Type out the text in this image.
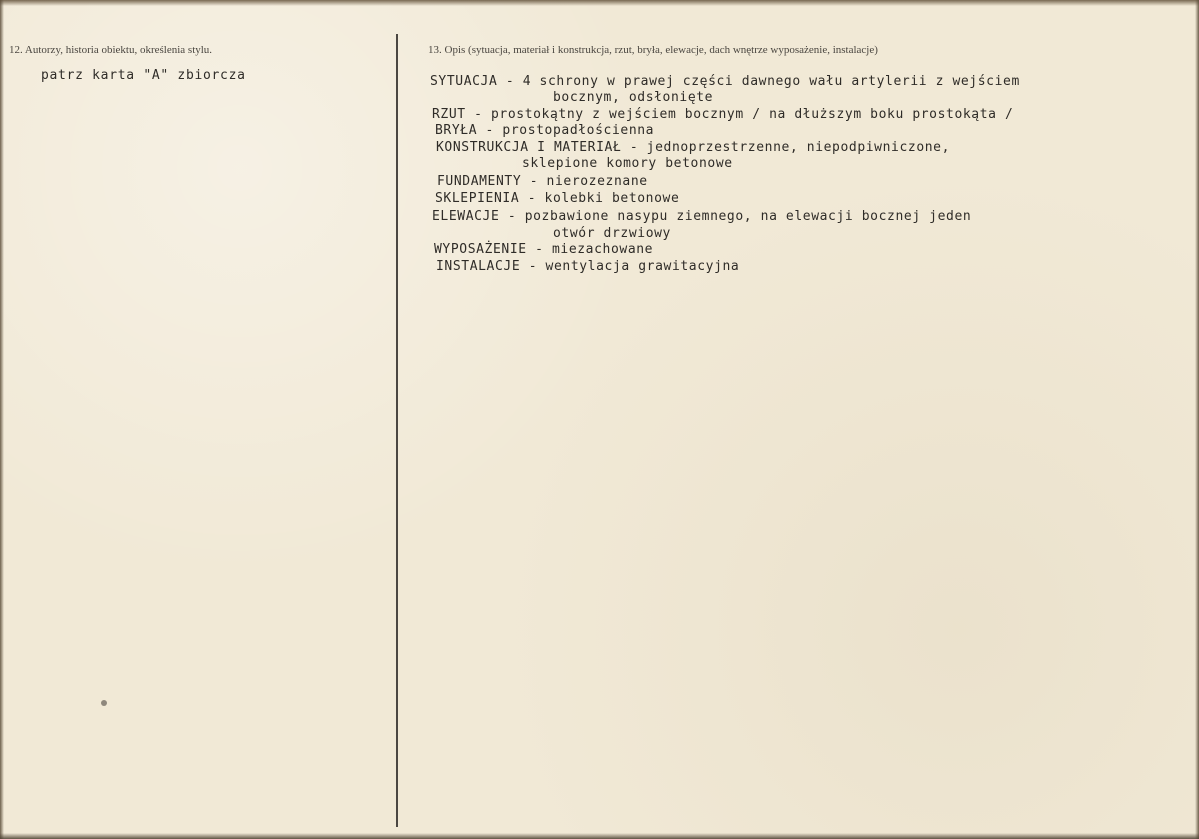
12. Autorzy, historia obiektu, określenia stylu.
patrz karta "A" zbiorcza
13. Opis (sytuacja, materiał i konstrukcja, rzut, bryła, elewacje, dach wnętrze wyposażenie, instalacje)
SYTUACJA - 4 schrony w prawej części dawnego wału artylerii z wejściem
bocznym, odsłonięte
RZUT - prostokątny z wejściem bocznym / na dłuższym boku prostokąta /
BRYŁA - prostopadłościenna
KONSTRUKCJA I MATERIAŁ - jednoprzestrzenne, niepodpiwniczone,
sklepione komory betonowe
FUNDAMENTY - nierozeznane
SKLEPIENIA - kolebki betonowe
ELEWACJE - pozbawione nasypu ziemnego, na elewacji bocznej jeden
otwór drzwiowy
WYPOSAŻENIE - miezachowane
INSTALACJE - wentylacja grawitacyjna
